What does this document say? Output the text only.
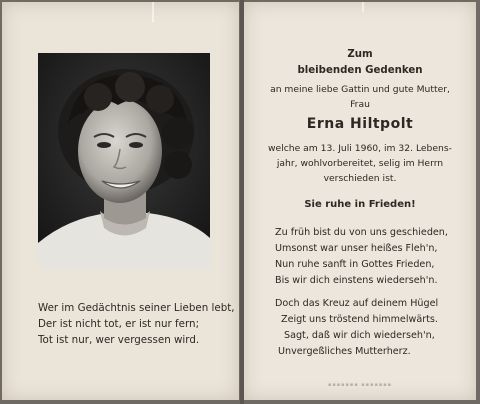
Wer im Gedächtnis seiner Lieben lebt,
Der ist nicht tot, er ist nur fern;
Tot ist nur, wer vergessen wird.
Zum
bleibenden Gedenken
an meine liebe Gattin und gute Mutter,
Frau
Erna Hiltpolt
welche am 13. Juli 1960, im 32. Lebens-
jahr, wohlvorbereitet, selig im Herrn
verschieden ist.
Sie ruhe in Frieden!
Zu früh bist du von uns geschieden,
Umsonst war unser heißes Fleh'n,
Nun ruhe sanft in Gottes Frieden,
Bis wir dich einstens wiederseh'n.
Doch das Kreuz auf deinem Hügel
Zeigt uns tröstend himmelwärts.
Sagt, daß wir dich wiederseh'n,
Unvergeßliches Mutterherz.
▪▪▪▪▪▪▪ ▪▪▪▪▪▪▪
